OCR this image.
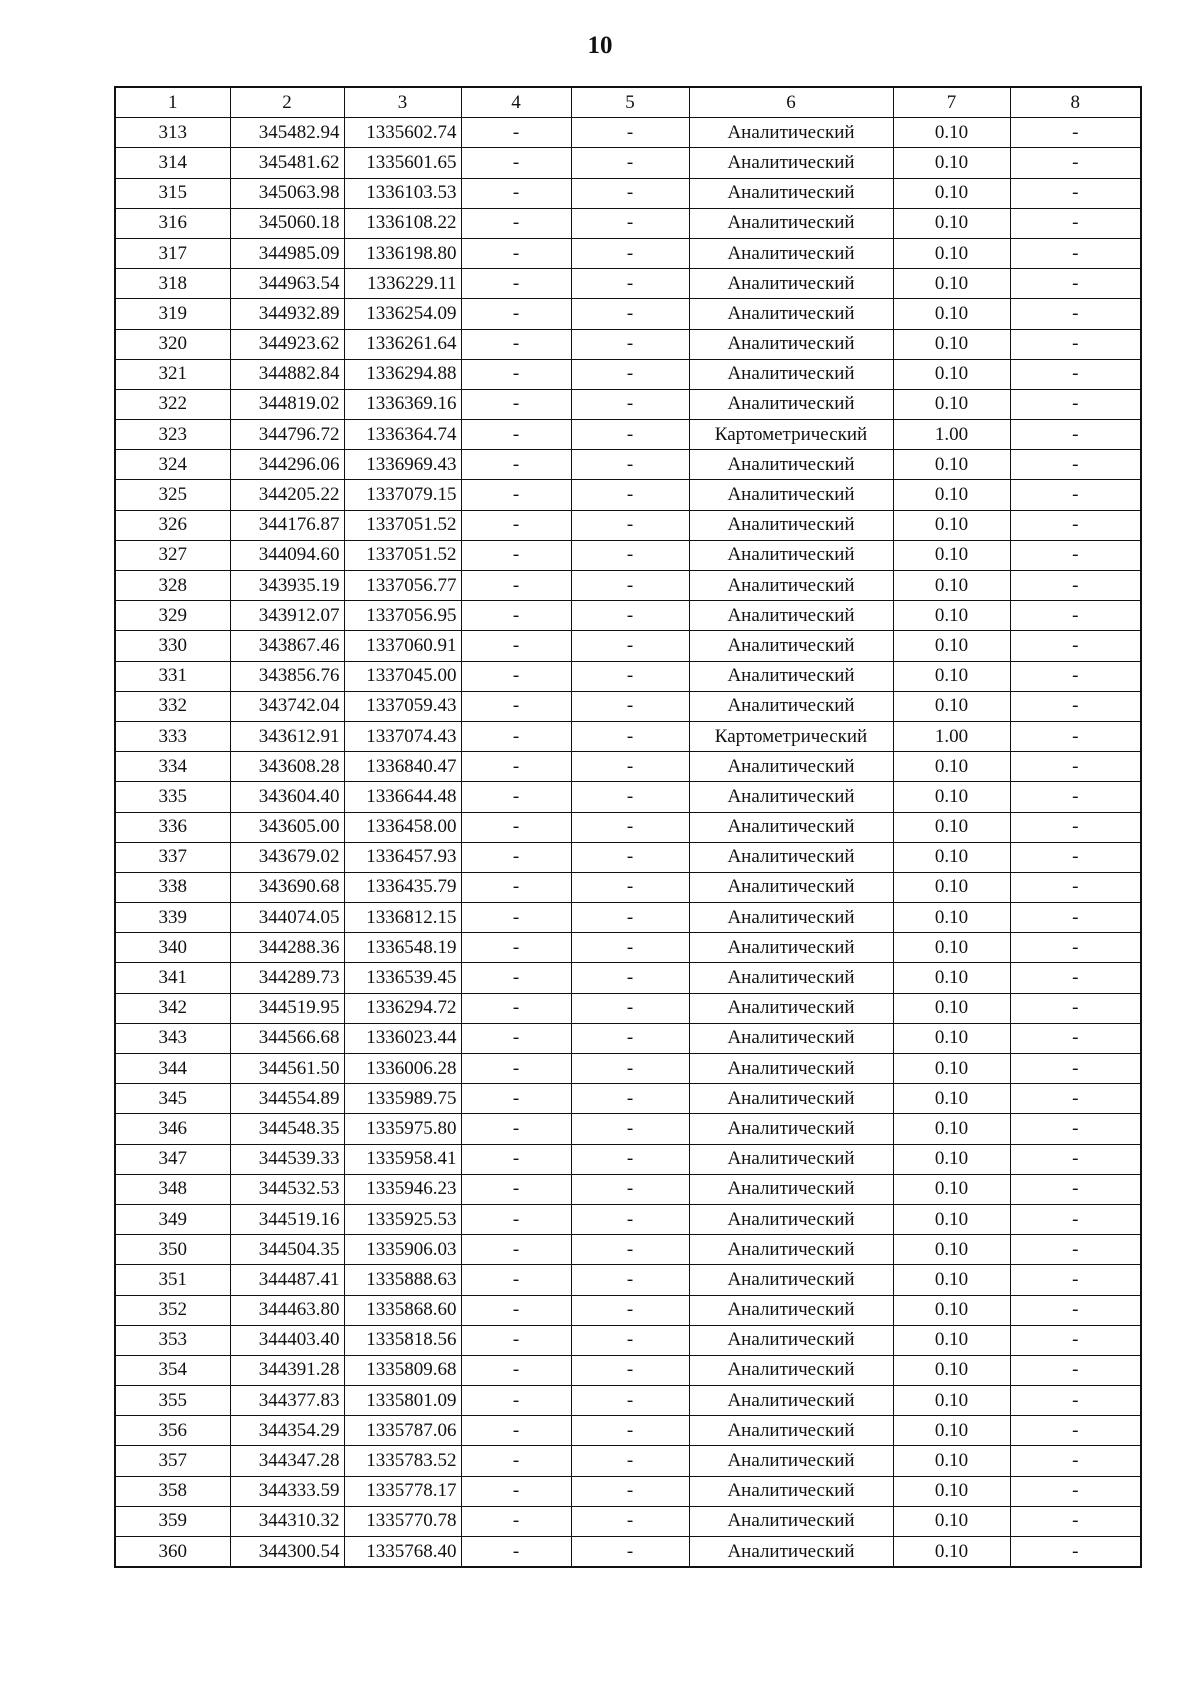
10
1	2	3	4	5	6	7	8
313	345482.94	1335602.74	-	-	Аналитический	0.10	-
314	345481.62	1335601.65	-	-	Аналитический	0.10	-
315	345063.98	1336103.53	-	-	Аналитический	0.10	-
316	345060.18	1336108.22	-	-	Аналитический	0.10	-
317	344985.09	1336198.80	-	-	Аналитический	0.10	-
318	344963.54	1336229.11	-	-	Аналитический	0.10	-
319	344932.89	1336254.09	-	-	Аналитический	0.10	-
320	344923.62	1336261.64	-	-	Аналитический	0.10	-
321	344882.84	1336294.88	-	-	Аналитический	0.10	-
322	344819.02	1336369.16	-	-	Аналитический	0.10	-
323	344796.72	1336364.74	-	-	Картометрический	1.00	-
324	344296.06	1336969.43	-	-	Аналитический	0.10	-
325	344205.22	1337079.15	-	-	Аналитический	0.10	-
326	344176.87	1337051.52	-	-	Аналитический	0.10	-
327	344094.60	1337051.52	-	-	Аналитический	0.10	-
328	343935.19	1337056.77	-	-	Аналитический	0.10	-
329	343912.07	1337056.95	-	-	Аналитический	0.10	-
330	343867.46	1337060.91	-	-	Аналитический	0.10	-
331	343856.76	1337045.00	-	-	Аналитический	0.10	-
332	343742.04	1337059.43	-	-	Аналитический	0.10	-
333	343612.91	1337074.43	-	-	Картометрический	1.00	-
334	343608.28	1336840.47	-	-	Аналитический	0.10	-
335	343604.40	1336644.48	-	-	Аналитический	0.10	-
336	343605.00	1336458.00	-	-	Аналитический	0.10	-
337	343679.02	1336457.93	-	-	Аналитический	0.10	-
338	343690.68	1336435.79	-	-	Аналитический	0.10	-
339	344074.05	1336812.15	-	-	Аналитический	0.10	-
340	344288.36	1336548.19	-	-	Аналитический	0.10	-
341	344289.73	1336539.45	-	-	Аналитический	0.10	-
342	344519.95	1336294.72	-	-	Аналитический	0.10	-
343	344566.68	1336023.44	-	-	Аналитический	0.10	-
344	344561.50	1336006.28	-	-	Аналитический	0.10	-
345	344554.89	1335989.75	-	-	Аналитический	0.10	-
346	344548.35	1335975.80	-	-	Аналитический	0.10	-
347	344539.33	1335958.41	-	-	Аналитический	0.10	-
348	344532.53	1335946.23	-	-	Аналитический	0.10	-
349	344519.16	1335925.53	-	-	Аналитический	0.10	-
350	344504.35	1335906.03	-	-	Аналитический	0.10	-
351	344487.41	1335888.63	-	-	Аналитический	0.10	-
352	344463.80	1335868.60	-	-	Аналитический	0.10	-
353	344403.40	1335818.56	-	-	Аналитический	0.10	-
354	344391.28	1335809.68	-	-	Аналитический	0.10	-
355	344377.83	1335801.09	-	-	Аналитический	0.10	-
356	344354.29	1335787.06	-	-	Аналитический	0.10	-
357	344347.28	1335783.52	-	-	Аналитический	0.10	-
358	344333.59	1335778.17	-	-	Аналитический	0.10	-
359	344310.32	1335770.78	-	-	Аналитический	0.10	-
360	344300.54	1335768.40	-	-	Аналитический	0.10	-
